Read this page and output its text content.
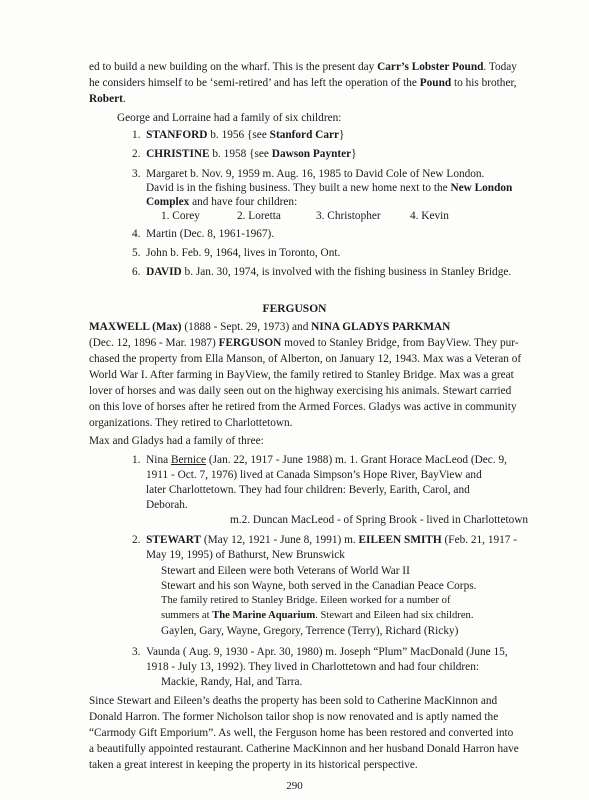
ed to build a new building on the wharf. This is the present day Carr’s Lobster Pound. Today
he considers himself to be ‘semi-retired’ and has left the operation of the Pound to his brother,
Robert.
George and Lorraine had a family of six children:
1. STANFORD b. 1956 {see Stanford Carr}
2. CHRISTINE b. 1958 {see Dawson Paynter}
3. Margaret b. Nov. 9, 1959 m. Aug. 16, 1985 to David Cole of New London.
David is in the fishing business. They built a new home next to the New London
Complex and have four children:
1. Corey	2. Loretta	3. Christopher	4. Kevin
4. Martin (Dec. 8, 1961-1967).
5. John b. Feb. 9, 1964, lives in Toronto, Ont.
6. DAVID b. Jan. 30, 1974, is involved with the fishing business in Stanley Bridge.
FERGUSON
MAXWELL (Max) (1888 - Sept. 29, 1973) and NINA GLADYS PARKMAN
(Dec. 12, 1896 - Mar. 1987) FERGUSON moved to Stanley Bridge, from BayView. They pur-
chased the property from Ella Manson, of Alberton, on January 12, 1943. Max was a Veteran of
World War I. After farming in BayView, the family retired to Stanley Bridge. Max was a great
lover of horses and was daily seen out on the highway exercising his animals. Stewart carried
on this love of horses after he retired from the Armed Forces. Gladys was active in community
organizations. They retired to Charlottetown.
Max and Gladys had a family of three:
1. Nina Bernice (Jan. 22, 1917 - June 1988) m. 1. Grant Horace MacLeod (Dec. 9,
1911 - Oct. 7, 1976) lived at Canada Simpson’s Hope River, BayView and
later Charlottetown. They had four children: Beverly, Earith, Carol, and
Deborah.
m.2. Duncan MacLeod - of Spring Brook - lived in Charlottetown
2. STEWART (May 12, 1921 - June 8, 1991) m. EILEEN SMITH (Feb. 21, 1917 -
May 19, 1995) of Bathurst, New Brunswick
Stewart and Eileen were both Veterans of World War II
Stewart and his son Wayne, both served in the Canadian Peace Corps.
The family retired to Stanley Bridge. Eileen worked for a number of
summers at The Marine Aquarium. Stewart and Eileen had six children.
Gaylen, Gary, Wayne, Gregory, Terrence (Terry), Richard (Ricky)
3. Vaunda ( Aug. 9, 1930 - Apr. 30, 1980) m. Joseph “Plum” MacDonald (June 15,
1918 - July 13, 1992). They lived in Charlottetown and had four children:
Mackie, Randy, Hal, and Tarra.
Since Stewart and Eileen’s deaths the property has been sold to Catherine MacKinnon and
Donald Harron. The former Nicholson tailor shop is now renovated and is aptly named the
“Carmody Gift Emporium”. As well, the Ferguson home has been restored and converted into
a beautifully appointed restaurant. Catherine MacKinnon and her husband Donald Harron have
taken a great interest in keeping the property in its historical perspective.
290
